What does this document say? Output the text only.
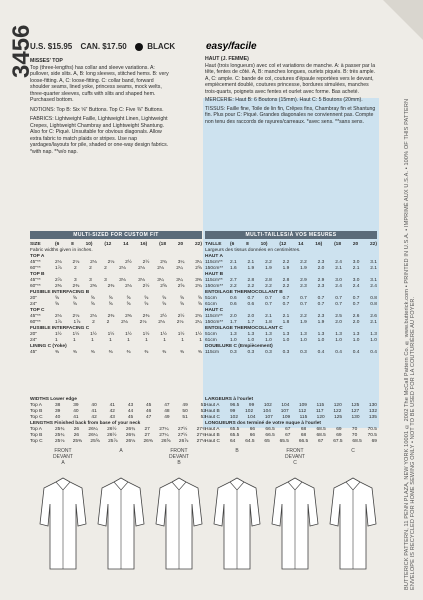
3456
U.S. $15.95 CAN. $17.50	BLACK	easy/facile
MISSES' TOP
Top (three-lengths) has collar and sleeve variations. A: pullover, side slits. A, B: long sleeves, stitched hems. B: very loose-fitting. A, C: loose-fitting. C: collar band, forward shoulder seams, lined yoke, princess seams, mock welts, three-quarter sleeves, cuffs with slits and shaped hem. Purchased bottom.
NOTIONS: Top B: Six ⅝" Buttons. Top C: Five ⅜" Buttons.
FABRICS: Lightweight Faille, Lightweight Linen, Lightweight Crepes, Lightweight Chambray and Lightweight Shantung. Also for C: Piqué. Unsuitable for obvious diagonals. Allow extra fabric to match plaids or stripes. Use nap yardages/layouts for pile, shaded or one-way design fabrics. *with nap. **w/o nap.
HAUT (J. FEMME)
Haut (trois longueurs) avec col et variations de manche. A: à passer par la tête, fentes de côté. A, B: manches longues, ourlets piqués. B: très ample. A, C: ample. C: bande de col, coutures d'épaule reportées vers le devant, empiècement doublé, coutures princesse, bordures simulées, manches trois-quarts, poignets avec fentes et ourlet avec forme. Bas acheté.
MERCERIE: Haut B: 6 Boutons (15mm). Haut C: 5 Boutons (20mm).
TISSUS: Faille fine, Toile de lin fin, Crêpes fins, Chambray fin et Shantung fin. Plus pour C: Piqué. Grandes diagonales ne conviennent pas. Compte non tenu des raccords de rayures/carreaux. *avec sens. **sans sens.
MULTI-SIZED FOR CUSTOM FIT	MULTI-TAILLES/À VOS MESURES
SIZE	(6 8 10) (12 14 16) (18 20 22)
Fabric widths given in inches.
TOP A
45"**	2⅛ 2⅛ 2⅛ 2⅛ 2½ 2½ 2¾ 3¼ 3¼
60"**	1⅞	2	2	2	2⅛	2⅛	2⅛	2¼	2⅝
TOP B
45"**	2⅞	3	3	3	3⅛	3⅛	3¼	3¼	3⅜
60"**	2⅜ 2⅜ 2⅜ 2⅜ 2⅛ 2½ 2⅝ 2⅝ 2¾
FUSIBLE INTERFACING B
20"	⅝	⅝	⅝	⅝	⅝	⅝	⅝	⅝	⅝
24"	⅝	⅝	⅝	⅝	⅝	⅝	⅝	⅝	⅝
TOP C
45"**	2⅛ 2⅛ 2⅛ 2⅜ 2⅜ 2⅜ 2½ 2½ 2¾
60"**	1⅞ 1⅞ 2 2 2⅛ 2⅛ 2⅛ 2⅛ 2¼
FUSIBLE INTERFACING C
20"	1½ 1½ 1½ 1½ 1½ 1½ 1½ 1½ 1½
24"	1	1	1	1	1	1	1	1	1
LINING C (Yoke)
45"	⅜	⅜	⅜	⅜	⅜	⅜	⅜	⅜	⅜
TAILLE	(6 8 10) (12 14 16) (18 20 22)
Largeurs des tissus données en centimètres.
HAUT A
115cm**	2.1 2.1 2.2 2.2 2.2 2.3 2.4 3.0 3.1
150cm**	1.6 1.9 1.9 1.9 1.9 2.0 2.1 2.1 2.1
HAUT B
115cm**	2.7 2.8 2.8 2.8 2.9 2.9 3.0 3.0 3.1
150cm**	2.2 2.2 2.2 2.2 2.3 2.3 2.4 2.4 2.4
ENTOILAGE THERMOCOLLANT B
51cm	0.6 0.7 0.7 0.7 0.7 0.7 0.7 0.7 0.8
61cm	0.6 0.6 0.7 0.7 0.7 0.7 0.7 0.7 0.8
HAUT C
115cm**	2.0 2.0 2.1 2.1 2.2 2.3 2.5 2.6 2.6
150cm**	1.7 1.7 1.8 1.8 1.9 1.9 2.0 2.0 2.1
ENTOILAGE THERMOCOLLANT C
51cm	1.3 1.3 1.3 1.3 1.3 1.3 1.3 1.3 1.3
61cm	1.0 1.0 1.0 1.0 1.0 1.0 1.0 1.0 1.0
DOUBLURE C (Empiècement)
115cm	0.3 0.3 0.3 0.3 0.3 0.4 0.4 0.4 0.4
WIDTHS Lower edge
Top A	38	39	40	41	43	45	47	49	51
Top B	39	40	41	42	44	46	48	50	52
Top C	40	41	42	43	45	47	49	51	53
LENGTHS Finished back from base of your neck
Top A	25¾ 26 26¼ 26½ 26¾ 27 27¼ 27½ 27¾
Top B	25¾ 26 26¼ 26½ 26¾ 27 27¼ 27½ 27¾
Top C	25⅛ 25⅜ 25⅝ 25⅞ 26⅛ 26⅜ 26⅝ 26⅞ 27⅛
LARGEURS à l'ourlet
Haut A	96.5 99 102 104 109 115 120 125 130
Haut B	99 102 104 107 112 117 122 127 132
Haut C	102 104 107 109 115 120 125 130 135
LONGUEURS dos terminé de votre nuque à l'ourlet
Haut A	65.5 66 66.5 67 68 68.5 69 70 70.5
Haut B	65.5 66 66.5 67 68 68.5 69 70 70.5
Haut C	64 64.5 65 65.5 66.5 67 67.5 68.5 69
FRONT
DEVANT
A
A	FRONT
DEVANT
B
B	FRONT
DEVANT
C
C	BUTTERICK PATTERN, 11 PENN PLAZA, NEW YORK 10001 © 2002 The McCall Pattern Co. ® www.butterick.com • PRINTED IN U.S.A. • IMPRIMÉ AUX U.S.A. • 100% OF THIS PATTERN ENVELOPE IS RECYCLED FOR HOME SEWING ONLY • NOT TO BE USED FOR LA COUTURIÈRE AU FOYER.
